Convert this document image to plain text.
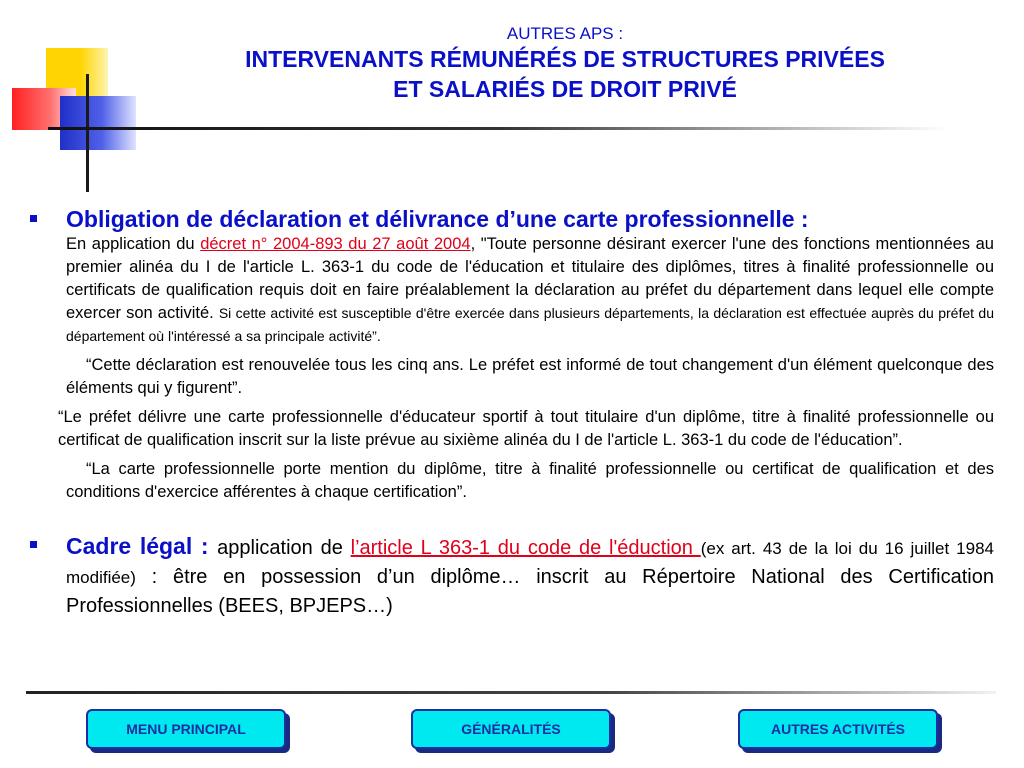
AUTRES APS :
INTERVENANTS RÉMUNÉRÉS DE STRUCTURES PRIVÉES
ET SALARIÉS DE DROIT PRIVÉ
Obligation de déclaration et délivrance d’une carte professionnelle :

En application du décret n° 2004-893 du 27 août 2004, "Toute personne désirant exercer l'une des fonctions mentionnées au premier alinéa du I de l'article L. 363-1 du code de l'éducation et titulaire des diplômes, titres à finalité professionnelle ou certificats de qualification requis doit en faire préalablement la déclaration au préfet du département dans lequel elle compte exercer son activité. Si cette activité est susceptible d'être exercée dans plusieurs départements, la déclaration est effectuée auprès du préfet du département où l'intéressé a sa principale activité”.

“Cette déclaration est renouvelée tous les cinq ans. Le préfet est informé de tout changement d'un élément quelconque des éléments qui y figurent”.

“Le préfet délivre une carte professionnelle d'éducateur sportif à tout titulaire d'un diplôme, titre à finalité professionnelle ou certificat de qualification inscrit sur la liste prévue au sixième alinéa du I de l'article L. 363-1 du code de l'éducation”.

“La carte professionnelle porte mention du diplôme, titre à finalité professionnelle ou certificat de qualification et des conditions d'exercice afférentes à chaque certification”.

Cadre légal : application de l’article L 363-1 du code de l'éduction (ex art. 43 de la loi du 16 juillet 1984 modifiée) : être en possession d’un diplôme… inscrit au Répertoire National des Certification Professionnelles (BEES, BPJEPS…)

MENU PRINCIPAL	GÉNÉRALITÉS	AUTRES ACTIVITÉS
